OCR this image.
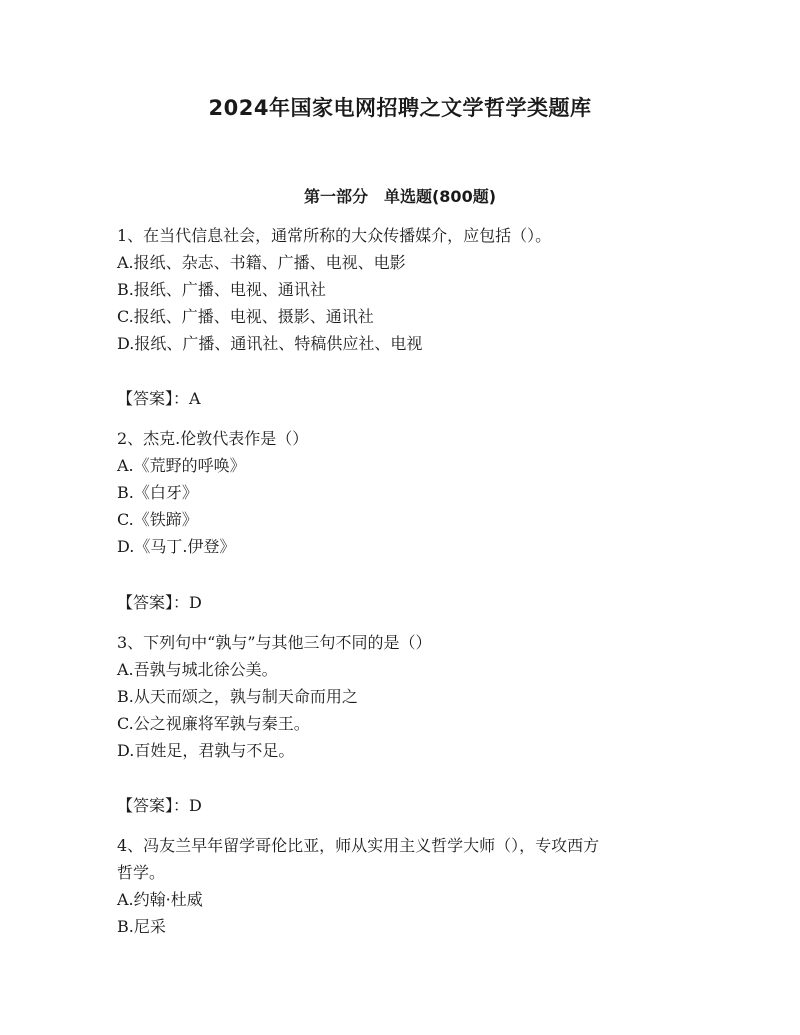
2024年国家电网招聘之文学哲学类题库
第一部分　单选题(800题)
1、在当代信息社会，通常所称的大众传播媒介，应包括（）。
A.报纸、杂志、书籍、广播、电视、电影
B.报纸、广播、电视、通讯社
C.报纸、广播、电视、摄影、通讯社
D.报纸、广播、通讯社、特稿供应社、电视
【答案】：A
2、杰克.伦敦代表作是（）
A.《荒野的呼唤》
B.《白牙》
C.《铁蹄》
D.《马丁.伊登》
【答案】：D
3、下列句中“孰与”与其他三句不同的是（）
A.吾孰与城北徐公美。
B.从天而颂之，孰与制天命而用之
C.公之视廉将军孰与秦王。
D.百姓足，君孰与不足。
【答案】：D
4、冯友兰早年留学哥伦比亚，师从实用主义哲学大师（），专攻西方
哲学。
A.约翰·杜威
B.尼采
